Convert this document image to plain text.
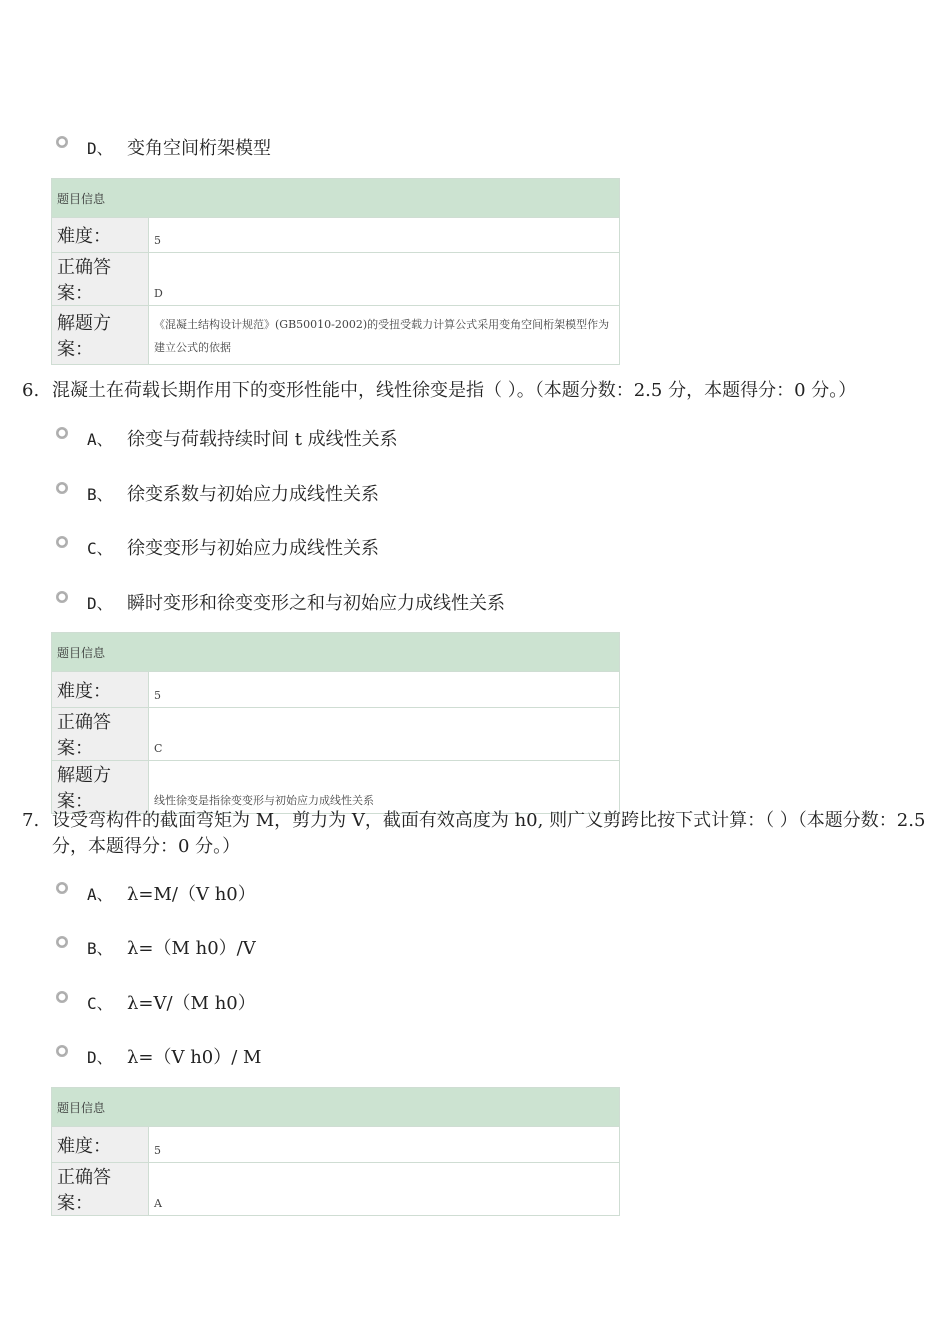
D、 变角空间桁架模型
题目信息	
难度：	5
正确答案：	D
解题方案：	《混凝土结构设计规范》(GB50010-2002)的受扭受载力计算公式采用变角空间桁架模型作为建立公式的依据
6. 混凝土在荷载长期作用下的变形性能中，线性徐变是指（ ）。（本题分数：2.5 分，本题得分：0 分。）
A、 徐变与荷载持续时间 t 成线性关系
B、 徐变系数与初始应力成线性关系
C、 徐变变形与初始应力成线性关系
D、 瞬时变形和徐变变形之和与初始应力成线性关系
题目信息	
难度：	5
正确答案：	C
解题方案：	线性徐变是指徐变变形与初始应力成线性关系
7. 设受弯构件的截面弯矩为 M，剪力为 V，截面有效高度为 h0, 则广义剪跨比按下式计算：（ ）（本题分数：2.5 分，本题得分：0 分。）
A、 λ=M/（V h0）
B、 λ=（M h0）/V
C、 λ=V/（M h0）
D、 λ=（V h0）/ M
题目信息	
难度：	5
正确答案：	A
